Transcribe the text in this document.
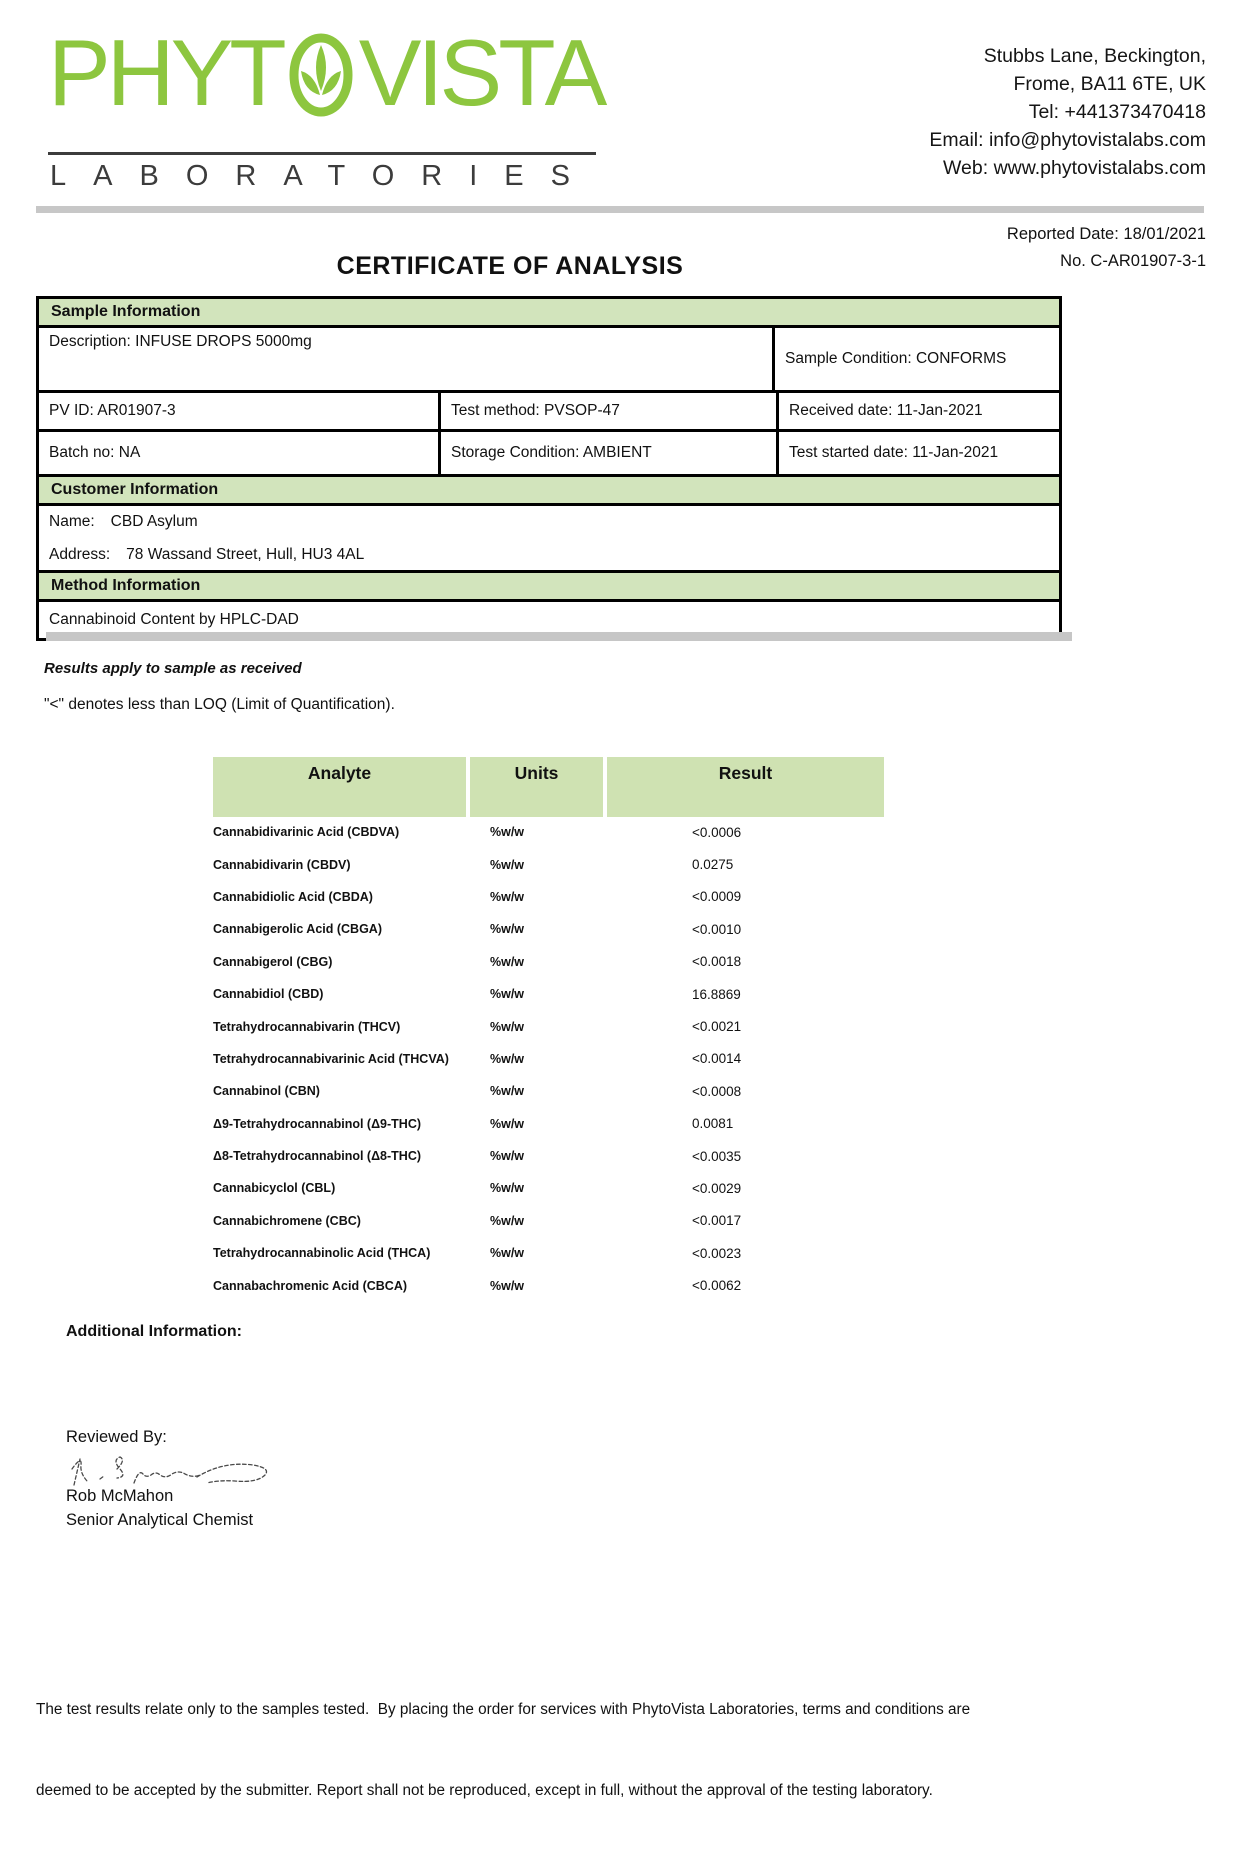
PHYT VISTA
LABORATORIES
Stubbs Lane, Beckington,
Frome, BA11 6TE, UK
Tel: +441373470418
Email: info@phytovistalabs.com
Web: www.phytovistalabs.com
Reported Date: 18/01/2021
No. C-AR01907-3-1
CERTIFICATE OF ANALYSIS
Sample Information
Description: INFUSE DROPS 5000mg
Sample Condition: CONFORMS
PV ID: AR01907-3	Test method: PVSOP-47	Received date: 11-Jan-2021
Batch no: NA	Storage Condition: AMBIENT	Test started date: 11-Jan-2021
Customer Information
Name: CBD Asylum
Address: 78 Wassand Street, Hull, HU3 4AL
Method Information
Cannabinoid Content by HPLC-DAD
Results apply to sample as received
"<" denotes less than LOQ (Limit of Quantification).
Analyte	Units	Result
Cannabidivarinic Acid (CBDVA)	%w/w	<0.0006
Cannabidivarin (CBDV)	%w/w	0.0275
Cannabidiolic Acid (CBDA)	%w/w	<0.0009
Cannabigerolic Acid (CBGA)	%w/w	<0.0010
Cannabigerol (CBG)	%w/w	<0.0018
Cannabidiol (CBD)	%w/w	16.8869
Tetrahydrocannabivarin (THCV)	%w/w	<0.0021
Tetrahydrocannabivarinic Acid (THCVA)	%w/w	<0.0014
Cannabinol (CBN)	%w/w	<0.0008
Δ9-Tetrahydrocannabinol (Δ9-THC)	%w/w	0.0081
Δ8-Tetrahydrocannabinol (Δ8-THC)	%w/w	<0.0035
Cannabicyclol (CBL)	%w/w	<0.0029
Cannabichromene (CBC)	%w/w	<0.0017
Tetrahydrocannabinolic Acid (THCA)	%w/w	<0.0023
Cannabachromenic Acid (CBCA)	%w/w	<0.0062
Additional Information:
Reviewed By:
Rob McMahon
Senior Analytical Chemist

The test results relate only to the samples tested.  By placing the order for services with PhytoVista Laboratories, terms and conditions are

deemed to be accepted by the submitter. Report shall not be reproduced, except in full, without the approval of the testing laboratory.
